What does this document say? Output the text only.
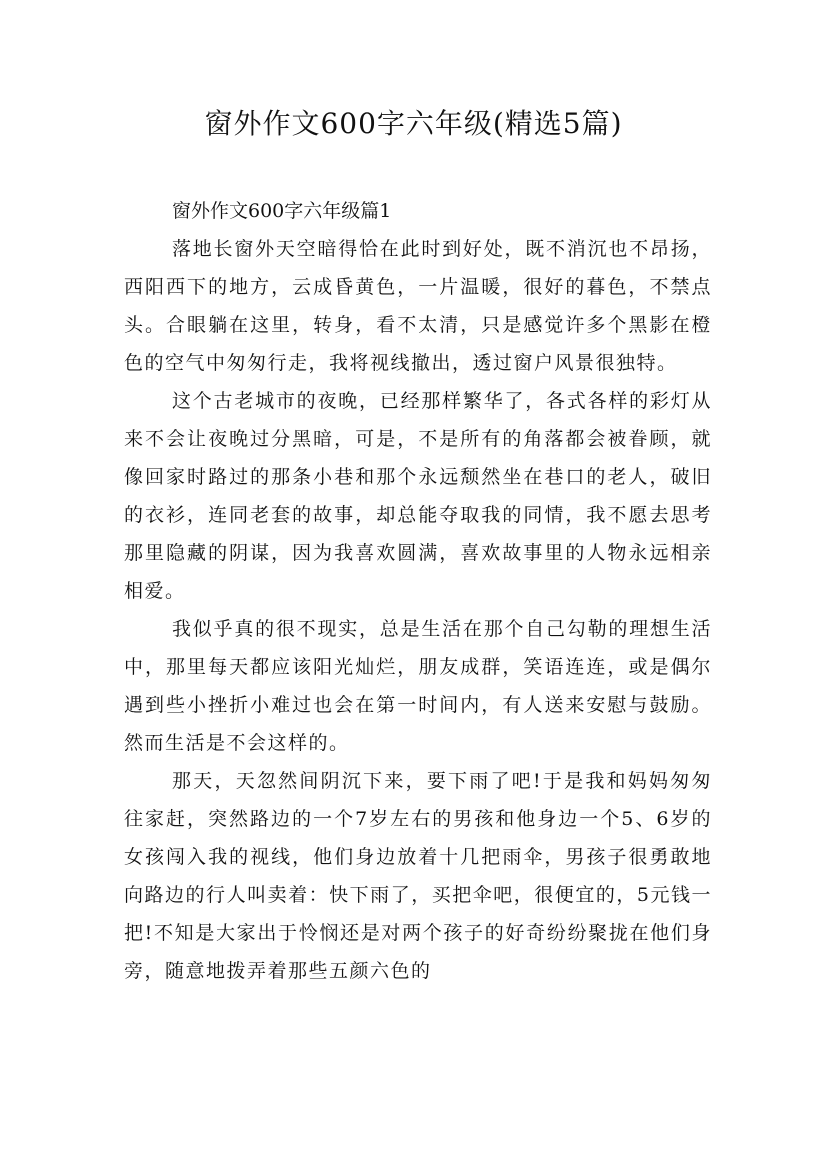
窗外作文600字六年级(精选5篇)

窗外作文600字六年级篇1

落地长窗外天空暗得恰在此时到好处，既不消沉也不昂扬，西阳西下的地方，云成昏黄色，一片温暖，很好的暮色，不禁点头。合眼躺在这里，转身，看不太清，只是感觉许多个黑影在橙色的空气中匆匆行走，我将视线撤出，透过窗户风景很独特。

这个古老城市的夜晚，已经那样繁华了，各式各样的彩灯从来不会让夜晚过分黑暗，可是，不是所有的角落都会被眷顾，就像回家时路过的那条小巷和那个永远颓然坐在巷口的老人，破旧的衣衫，连同老套的故事，却总能夺取我的同情，我不愿去思考那里隐藏的阴谋，因为我喜欢圆满，喜欢故事里的人物永远相亲相爱。

我似乎真的很不现实，总是生活在那个自己勾勒的理想生活中，那里每天都应该阳光灿烂，朋友成群，笑语连连，或是偶尔遇到些小挫折小难过也会在第一时间内，有人送来安慰与鼓励。然而生活是不会这样的。

那天，天忽然间阴沉下来，要下雨了吧!于是我和妈妈匆匆往家赶，突然路边的一个7岁左右的男孩和他身边一个5、6岁的女孩闯入我的视线，他们身边放着十几把雨伞，男孩子很勇敢地向路边的行人叫卖着：快下雨了，买把伞吧，很便宜的，5元钱一把!不知是大家出于怜悯还是对两个孩子的好奇纷纷聚拢在他们身旁，随意地拨弄着那些五颜六色的
